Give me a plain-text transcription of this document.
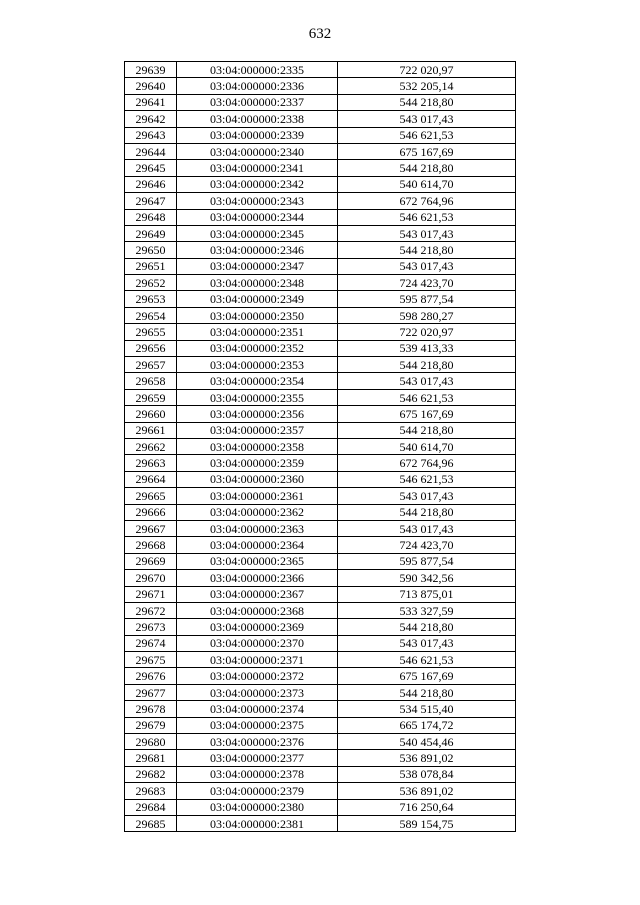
632
29639	03:04:000000:2335	722 020,97
29640	03:04:000000:2336	532 205,14
29641	03:04:000000:2337	544 218,80
29642	03:04:000000:2338	543 017,43
29643	03:04:000000:2339	546 621,53
29644	03:04:000000:2340	675 167,69
29645	03:04:000000:2341	544 218,80
29646	03:04:000000:2342	540 614,70
29647	03:04:000000:2343	672 764,96
29648	03:04:000000:2344	546 621,53
29649	03:04:000000:2345	543 017,43
29650	03:04:000000:2346	544 218,80
29651	03:04:000000:2347	543 017,43
29652	03:04:000000:2348	724 423,70
29653	03:04:000000:2349	595 877,54
29654	03:04:000000:2350	598 280,27
29655	03:04:000000:2351	722 020,97
29656	03:04:000000:2352	539 413,33
29657	03:04:000000:2353	544 218,80
29658	03:04:000000:2354	543 017,43
29659	03:04:000000:2355	546 621,53
29660	03:04:000000:2356	675 167,69
29661	03:04:000000:2357	544 218,80
29662	03:04:000000:2358	540 614,70
29663	03:04:000000:2359	672 764,96
29664	03:04:000000:2360	546 621,53
29665	03:04:000000:2361	543 017,43
29666	03:04:000000:2362	544 218,80
29667	03:04:000000:2363	543 017,43
29668	03:04:000000:2364	724 423,70
29669	03:04:000000:2365	595 877,54
29670	03:04:000000:2366	590 342,56
29671	03:04:000000:2367	713 875,01
29672	03:04:000000:2368	533 327,59
29673	03:04:000000:2369	544 218,80
29674	03:04:000000:2370	543 017,43
29675	03:04:000000:2371	546 621,53
29676	03:04:000000:2372	675 167,69
29677	03:04:000000:2373	544 218,80
29678	03:04:000000:2374	534 515,40
29679	03:04:000000:2375	665 174,72
29680	03:04:000000:2376	540 454,46
29681	03:04:000000:2377	536 891,02
29682	03:04:000000:2378	538 078,84
29683	03:04:000000:2379	536 891,02
29684	03:04:000000:2380	716 250,64
29685	03:04:000000:2381	589 154,75
